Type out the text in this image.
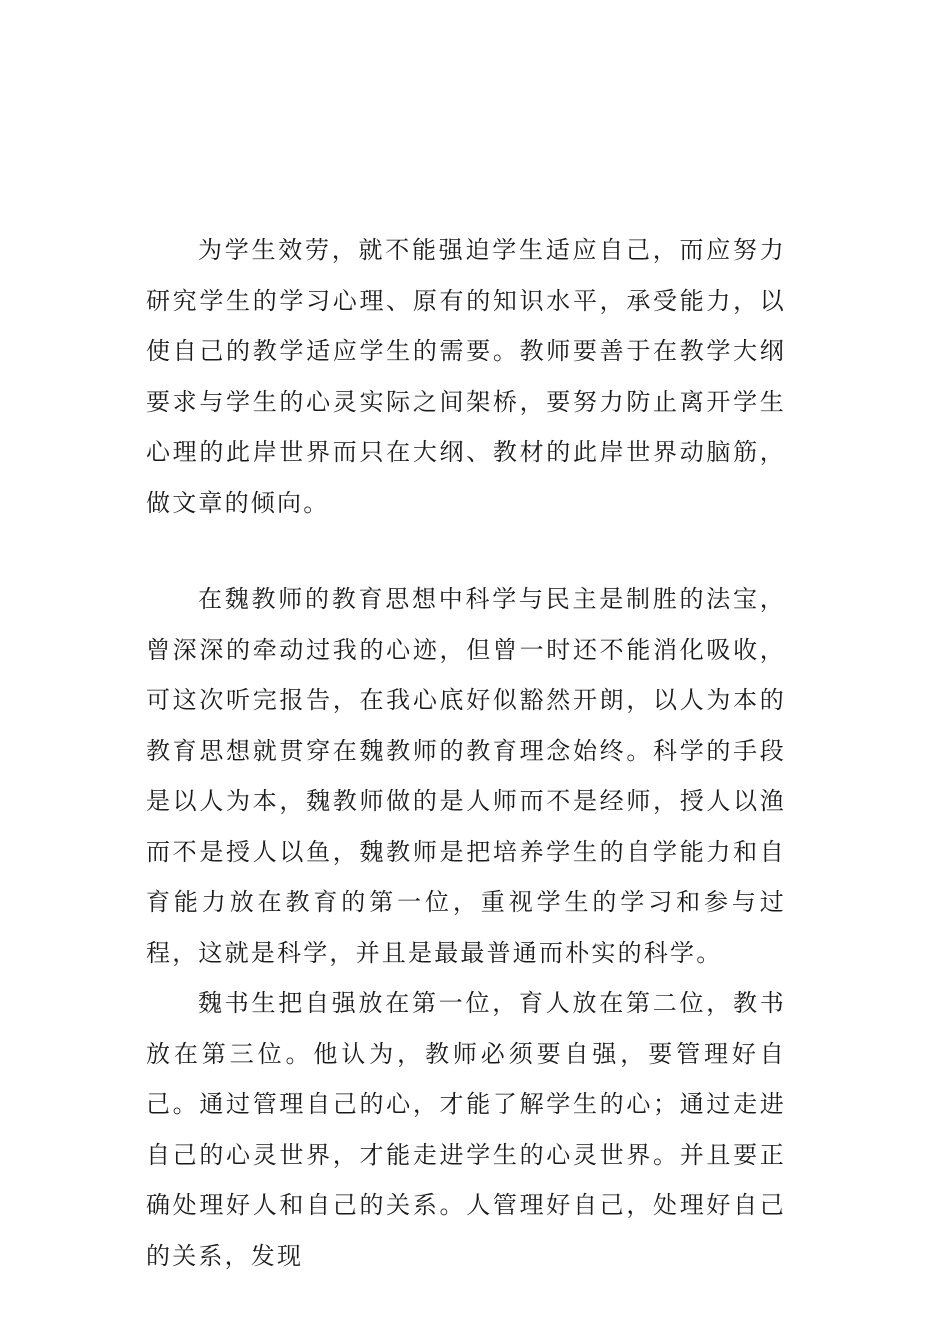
为学生效劳，就不能强迫学生适应自己，而应努力研究学生的学习心理、原有的知识水平，承受能力，以使自己的教学适应学生的需要。教师要善于在教学大纲要求与学生的心灵实际之间架桥，要努力防止离开学生心理的此岸世界而只在大纲、教材的此岸世界动脑筋，做文章的倾向。

在魏教师的教育思想中科学与民主是制胜的法宝，曾深深的牵动过我的心迹，但曾一时还不能消化吸收，可这次听完报告，在我心底好似豁然开朗，以人为本的教育思想就贯穿在魏教师的教育理念始终。科学的手段是以人为本，魏教师做的是人师而不是经师，授人以渔而不是授人以鱼，魏教师是把培养学生的自学能力和自育能力放在教育的第一位，重视学生的学习和参与过程，这就是科学，并且是最最普通而朴实的科学。

魏书生把自强放在第一位，育人放在第二位，教书放在第三位。他认为，教师必须要自强，要管理好自己。通过管理自己的心，才能了解学生的心；通过走进自己的心灵世界，才能走进学生的心灵世界。并且要正确处理好人和自己的关系。人管理好自己，处理好自己的关系，发现
